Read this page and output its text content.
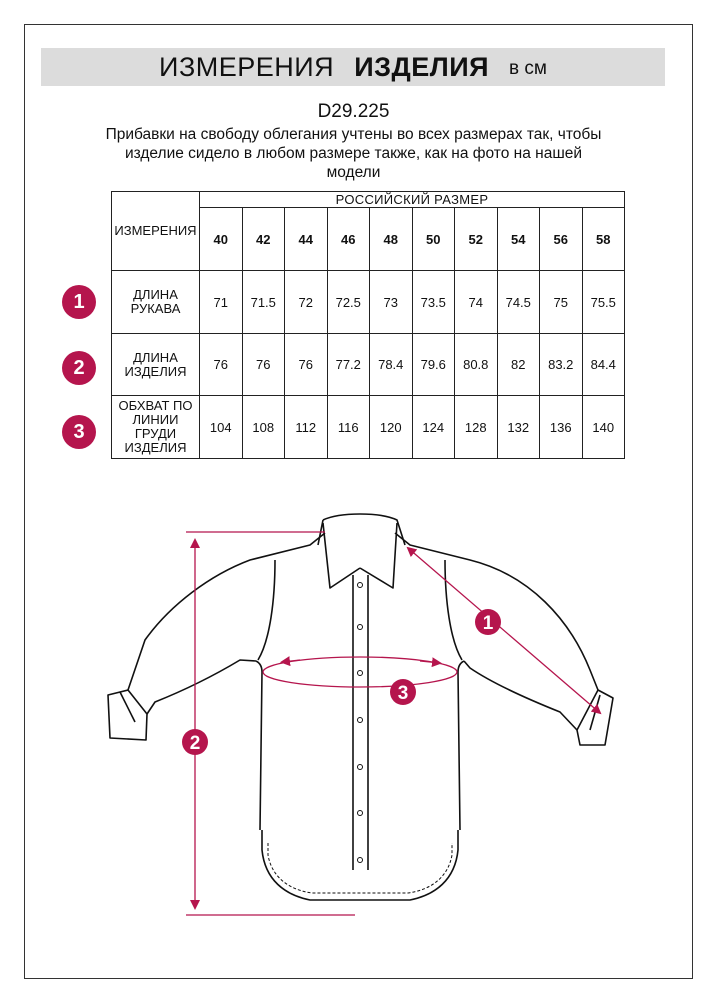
ИЗМЕРЕНИЯ ИЗДЕЛИЯ в см
D29.225
Прибавки на свободу облегания учтены во всех размерах так, чтобы изделие сидело в любом размере также, как на фото на нашей модели
ИЗМЕРЕНИЯ	РОССИЙСКИЙ РАЗМЕР									
	40	42	44	46	48	50	52	54	56	58
ДЛИНА РУКАВА	71	71.5	72	72.5	73	73.5	74	74.5	75	75.5
ДЛИНА ИЗДЕЛИЯ	76	76	76	77.2	78.4	79.6	80.8	82	83.2	84.4
ОБХВАТ ПО ЛИНИИ ГРУДИ ИЗДЕЛИЯ	104	108	112	116	120	124	128	132	136	140
1
2
3
2
1
3
